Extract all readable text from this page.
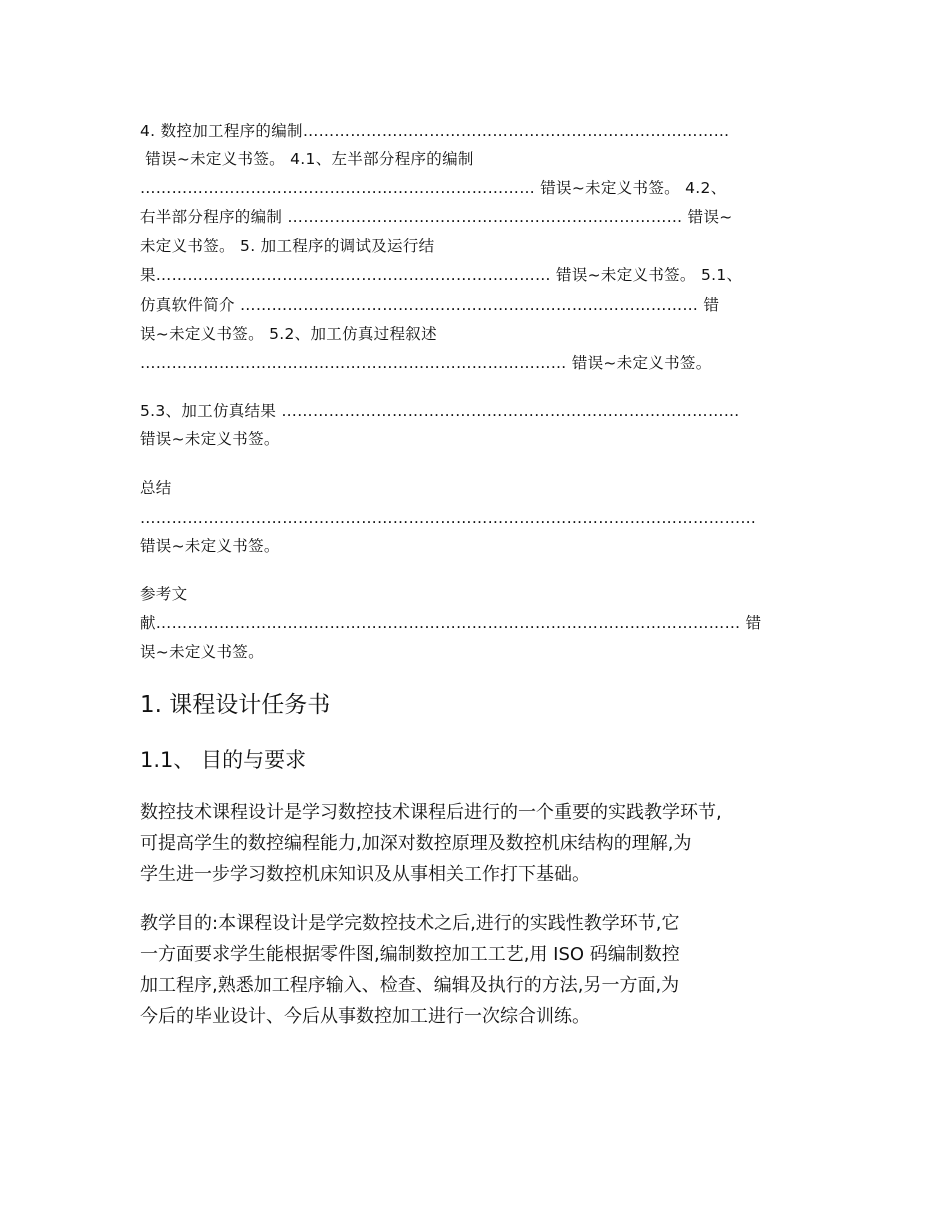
4. 数控加工程序的编制………………………………………………………………………
错误~未定义书签。 4.1、左半部分程序的编制
………………………………………………………………… 错误~未定义书签。 4.2、
右半部分程序的编制 ………………………………………………………………… 错误~
未定义书签。 5. 加工程序的调试及运行结
果………………………………………………………………… 错误~未定义书签。 5.1、
仿真软件简介 …………………………………………………………………………… 错
误~未定义书签。 5.2、加工仿真过程叙述
……………………………………………………………………… 错误~未定义书签。
5.3、加工仿真结果 ……………………………………………………………………………
错误~未定义书签。
总结
………………………………………………………………………………………………………
错误~未定义书签。
参考文
献………………………………………………………………………………………………… 错
误~未定义书签。
1. 课程设计任务书
1.1、 目的与要求
数控技术课程设计是学习数控技术课程后进行的一个重要的实践教学环节,
可提高学生的数控编程能力,加深对数控原理及数控机床结构的理解,为
学生进一步学习数控机床知识及从事相关工作打下基础。
教学目的:本课程设计是学完数控技术之后,进行的实践性教学环节,它
一方面要求学生能根据零件图,编制数控加工工艺,用 ISO 码编制数控
加工程序,熟悉加工程序输入、检查、编辑及执行的方法,另一方面,为
今后的毕业设计、今后从事数控加工进行一次综合训练。
